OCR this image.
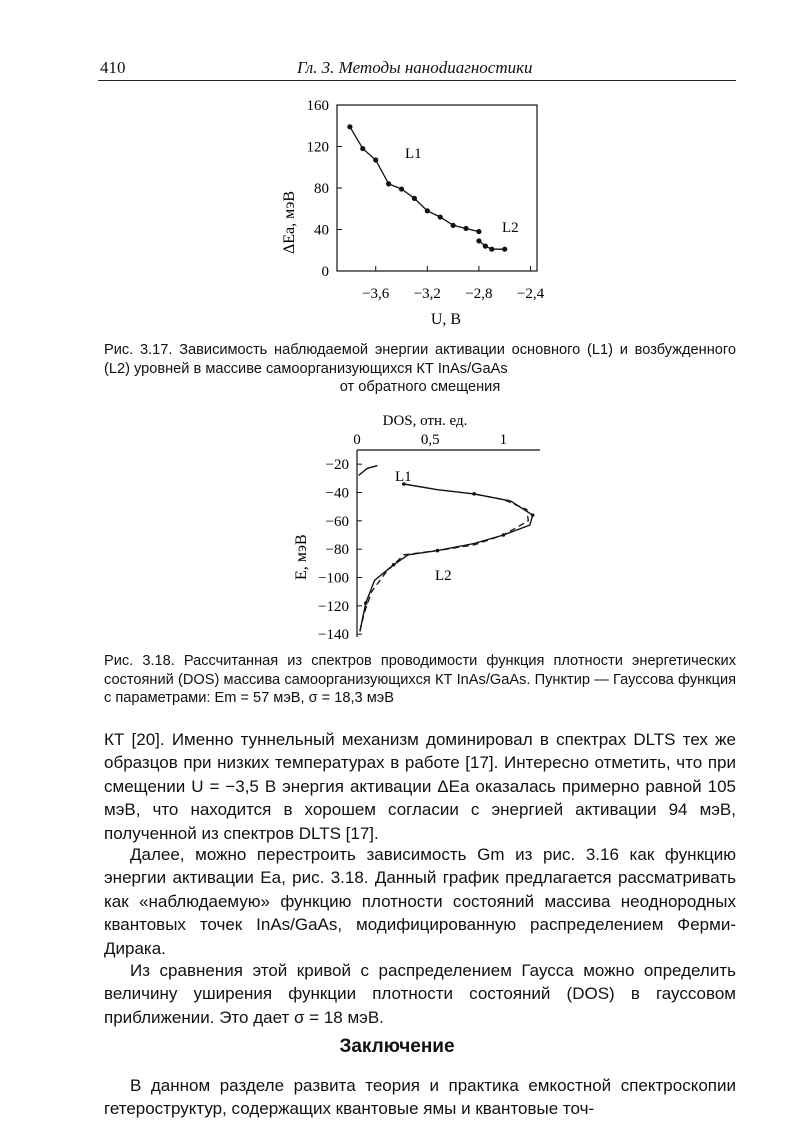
410	Гл. 3. Методы наноdиагностики
0
40
80
120
160
−3,6 −3,2 −2,8 −2,4
ΔEa, мэВ
U, В
L1
L2
Рис. 3.17. Зависимость наблюдаемой энергии активации основного (L1) и возбужденного (L2) уровней в массиве самоорганизующихся КТ InAs/GaAs
от обратного смещения
DOS, отн. ед.
0	0,5	1
−20
−40
−60
−80
−100
−120
−140
E, мэВ
L1
L2
Рис. 3.18. Рассчитанная из спектров проводимости функция плотности энергетических состояний (DOS) массива самоорганизующихся КТ InAs/GaAs. Пунктир — Гауссова функция с параметрами: Em = 57 мэВ, σ = 18,3 мэВ
КТ [20]. Именно туннельный механизм доминировал в спектрах DLTS тех же образцов при низких температурах в работе [17]. Интересно отметить, что при смещении U = −3,5 В энергия активации ΔEa оказалась примерно равной 105 мэВ, что находится в хорошем согласии с энергией активации 94 мэВ, полученной из спектров DLTS [17].
Далее, можно перестроить зависимость Gm из рис. 3.16 как функцию энергии активации Ea, рис. 3.18. Данный график предлагается рассматривать как «наблюдаемую» функцию плотности состояний массива неоднородных квантовых точек InAs/GaAs, модифицированную распределением Ферми-Дирака.
Из сравнения этой кривой с распределением Гаусса можно определить величину уширения функции плотности состояний (DOS) в гауссовом приближении. Это дает σ = 18 мэВ.
Заключение
В данном разделе развита теория и практика емкостной спектроскопии гетероструктур, содержащих квантовые ямы и квантовые точ-
